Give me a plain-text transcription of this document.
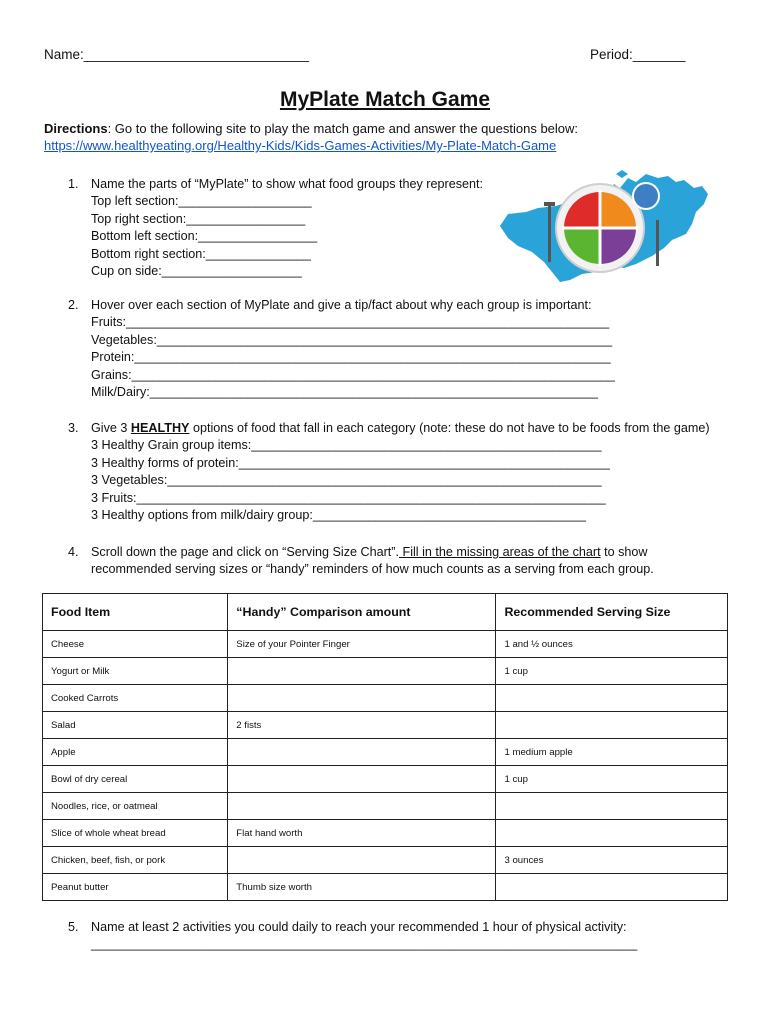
Name:______________________________	Period:_______
MyPlate Match Game
Directions: Go to the following site to play the match game and answer the questions below:
https://www.healthyeating.org/Healthy-Kids/Kids-Games-Activities/My-Plate-Match-Game
1. Name the parts of “MyPlate” to show what food groups they represent:
Top left section:___________________
Top right section:_________________
Bottom left section:_________________
Bottom right section:_______________
Cup on side:____________________
2. Hover over each section of MyPlate and give a tip/fact about why each group is important:
Fruits:_____________________________________________________________________
Vegetables:_________________________________________________________________
Protein:____________________________________________________________________
Grains:_____________________________________________________________________
Milk/Dairy:________________________________________________________________
3. Give 3 HEALTHY options of food that fall in each category (note: these do not have to be foods from the game)
3 Healthy Grain group items:__________________________________________________
3 Healthy forms of protein:_____________________________________________________
3 Vegetables:______________________________________________________________
3 Fruits:___________________________________________________________________
3 Healthy options from milk/dairy group:_______________________________________
4. Scroll down the page and click on “Serving Size Chart”. Fill in the missing areas of the chart to show
recommended serving sizes or “handy” reminders of how much counts as a serving from each group.
Food Item	“Handy” Comparison amount	Recommended Serving Size
Cheese	Size of your Pointer Finger	1 and ½ ounces
Yogurt or Milk		1 cup
Cooked Carrots		
Salad	2 fists	
Apple		1 medium apple
Bowl of dry cereal		1 cup
Noodles, rice, or oatmeal		
Slice of whole wheat bread	Flat hand worth	
Chicken, beef, fish, or pork		3 ounces
Peanut butter	Thumb size worth	
5. Name at least 2 activities you could daily to reach your recommended 1 hour of physical activity:
______________________________________________________________________________
